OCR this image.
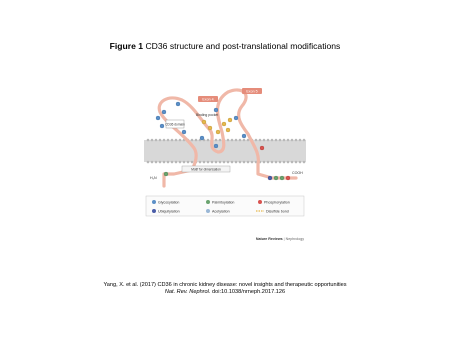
Figure 1 CD36 structure and post-translational modifications
Exon 4
Exon 5
Binding pocket
CD36 domain
Motif for dimerisation
H₂N
COOH
Glycosylation	Palmitoylation	Phosphorylation
Ubiquitylation	Acetylation	Disulfide bond
Nature Reviews | Nephrology
Yang, X. et al. (2017) CD36 in chronic kidney disease: novel insights and therapeutic opportunities
Nat. Rev. Nephrol. doi:10.1038/nrneph.2017.126
